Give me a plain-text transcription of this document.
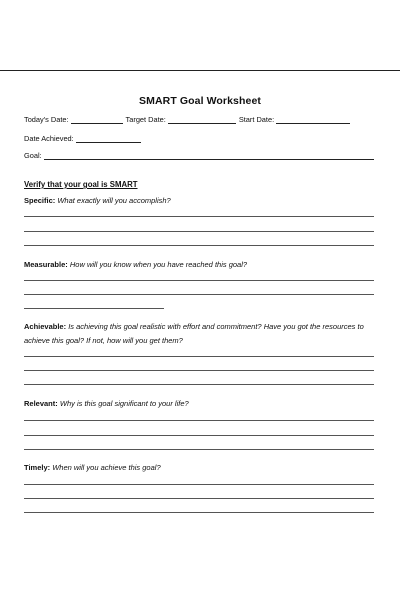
SMART Goal Worksheet
Today's Date:	Target Date:	Start Date:
Date Achieved:
Goal:
Verify that your goal is SMART
Specific: What exactly will you accomplish?
Measurable: How will you know when you have reached this goal?
Achievable: Is achieving this goal realistic with effort and commitment? Have you got the resources to achieve this goal? If not, how will you get them?
Relevant: Why is this goal significant to your life?
Timely: When will you achieve this goal?
